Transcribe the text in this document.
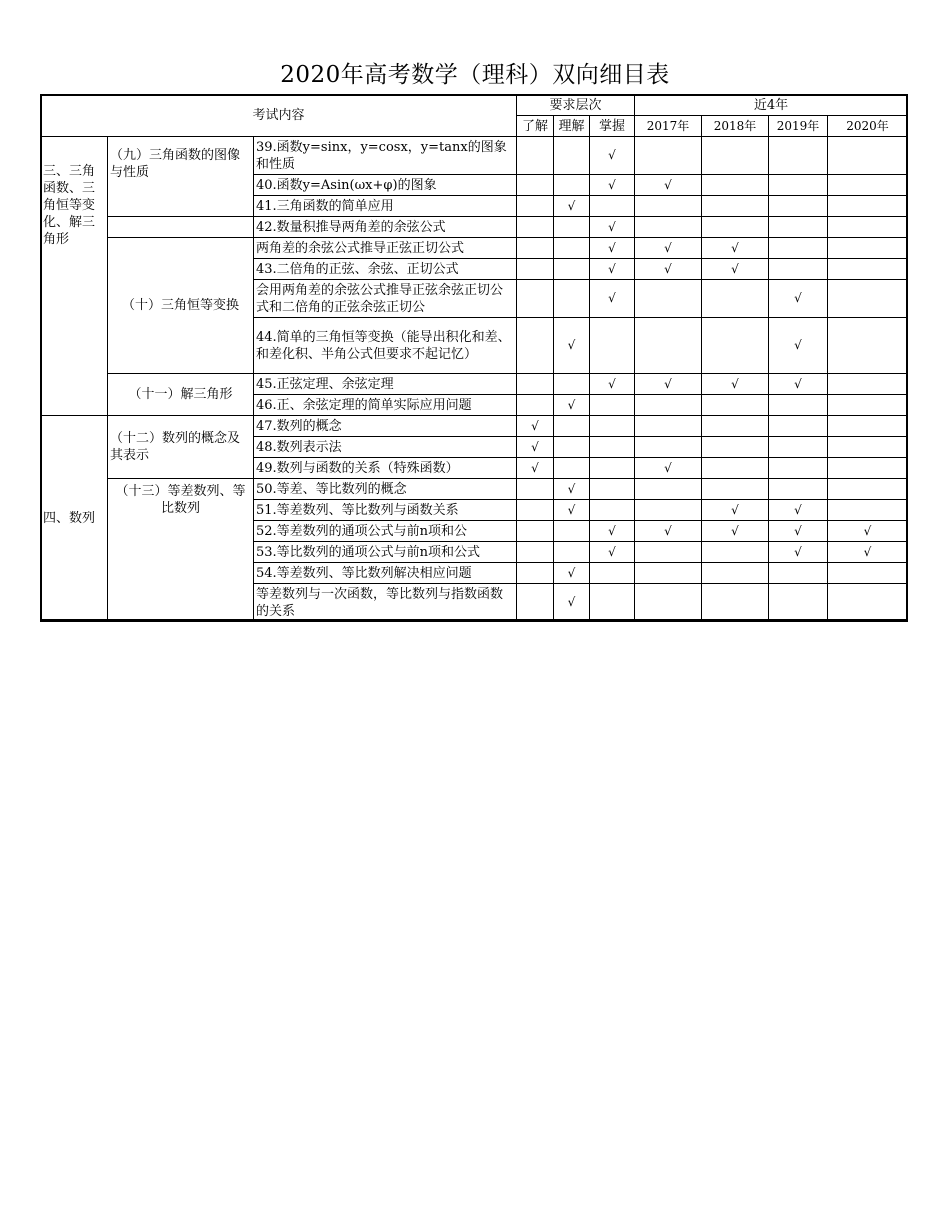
2020年高考数学（理科）双向细目表
考试内容			要求层次			近4年			
			了解	理解	掌握	2017年	2018年	2019年	2020年
三、三角函数、三角恒等变化、解三角形	（九）三角函数的图像与性质	39.函数y=sinx，y=cosx，y=tanx的图象和性质			√				
		40.函数y=Asin(ωx+φ)的图象			√	√			
		41.三角函数的简单应用		√					
		42.数量积推导两角差的余弦公式			√				
	（十）三角恒等变换	两角差的余弦公式推导正弦正切公式			√	√	√		
		43.二倍角的正弦、余弦、正切公式			√	√	√		
		会用两角差的余弦公式推导正弦余弦正切公式和二倍角的正弦余弦正切公			√			√	
		44.简单的三角恒等变换（能导出积化和差、和差化积、半角公式但要求不起记忆）		√				√	
	（十一）解三角形	45.正弦定理、余弦定理			√	√	√	√	
		46.正、余弦定理的简单实际应用问题		√					
四、数列	（十二）数列的概念及其表示	47.数列的概念	√						
		48.数列表示法	√						
		49.数列与函数的关系（特殊函数）	√			√			
	（十三）等差数列、等比数列	50.等差、等比数列的概念		√					
		51.等差数列、等比数列与函数关系		√			√	√	
		52.等差数列的通项公式与前n项和公			√	√	√	√	√
		53.等比数列的通项公式与前n项和公式			√			√	√
		54.等差数列、等比数列解决相应问题		√					
		等差数列与一次函数，等比数列与指数函数的关系		√					
